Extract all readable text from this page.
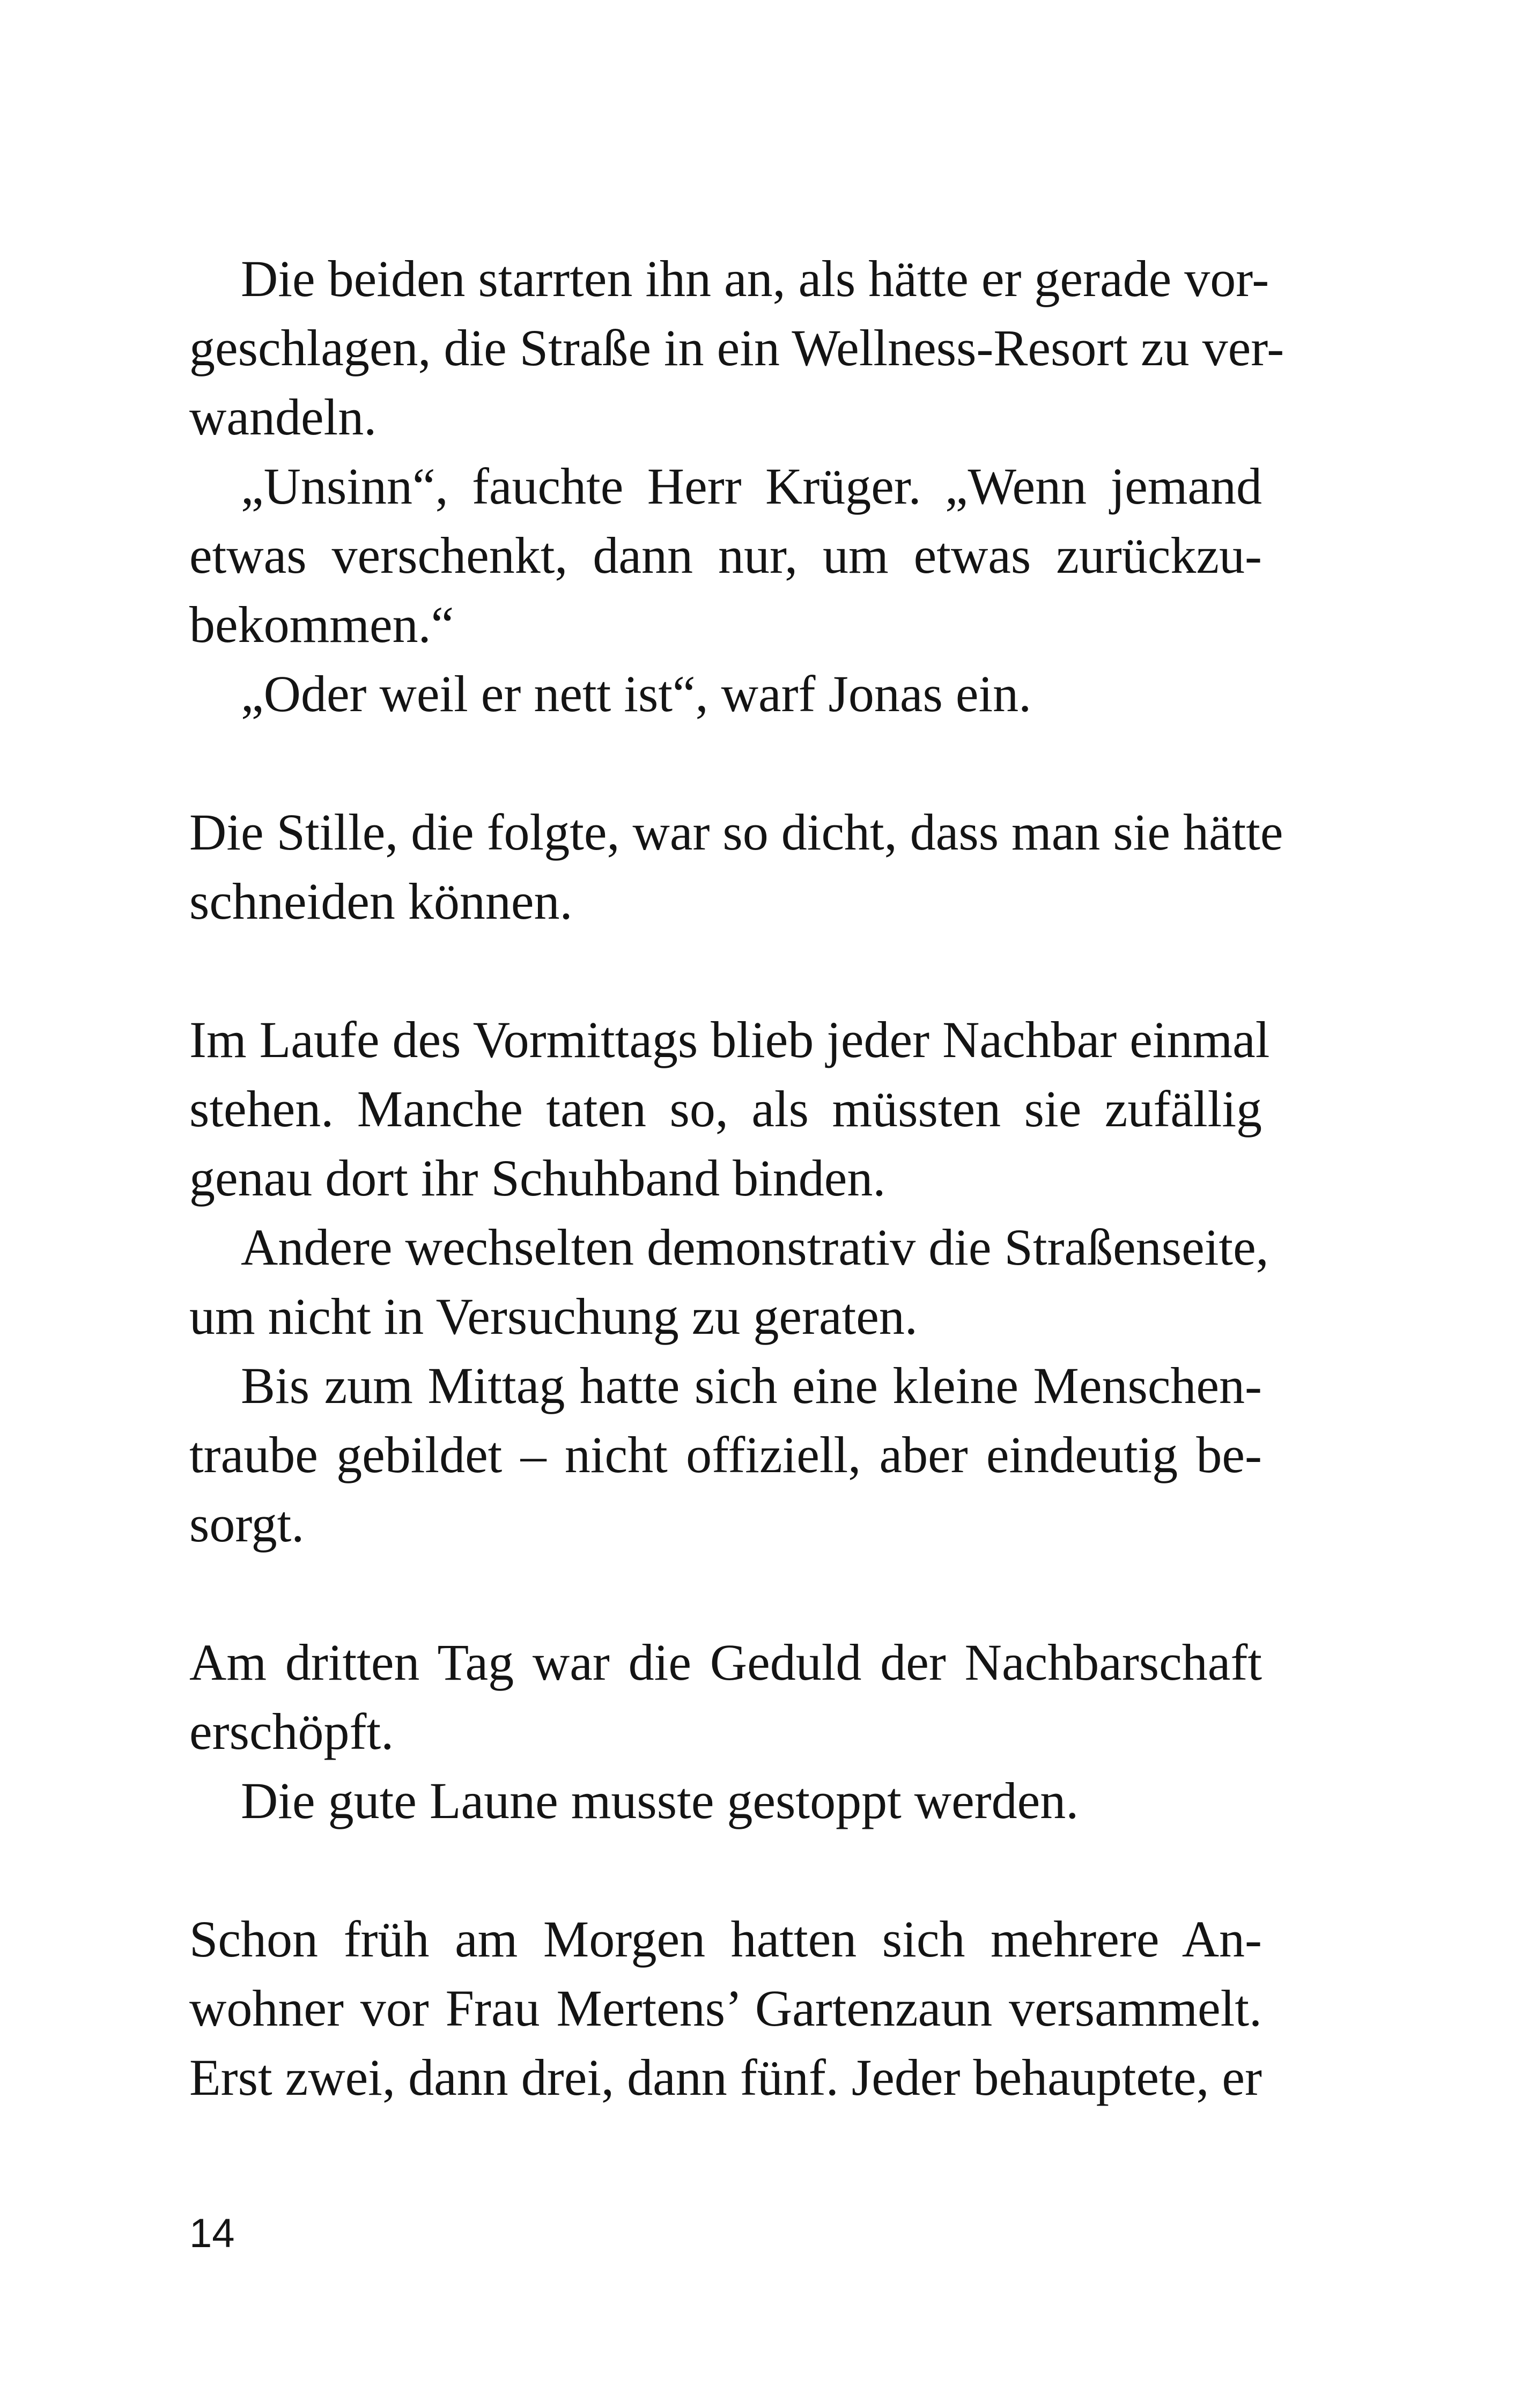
Die beiden starrten ihn an, als hätte er gerade vor-
geschlagen, die Straße in ein Wellness-Resort zu ver-
wandeln.
„Unsinn“, fauchte Herr Krüger. „Wenn jemand
etwas verschenkt, dann nur, um etwas zurückzu-
bekommen.“
„Oder weil er nett ist“, warf Jonas ein.
Die Stille, die folgte, war so dicht, dass man sie hätte
schneiden können.
Im Laufe des Vormittags blieb jeder Nachbar einmal
stehen. Manche taten so, als müssten sie zufällig
genau dort ihr Schuhband binden.
Andere wechselten demonstrativ die Straßenseite,
um nicht in Versuchung zu geraten.
Bis zum Mittag hatte sich eine kleine Menschen-
traube gebildet – nicht offiziell, aber eindeutig be-
sorgt.
Am dritten Tag war die Geduld der Nachbarschaft
erschöpft.
Die gute Laune musste gestoppt werden.
Schon früh am Morgen hatten sich mehrere An-
wohner vor Frau Mertens’ Gartenzaun versammelt.
Erst zwei, dann drei, dann fünf. Jeder behauptete, er
14
